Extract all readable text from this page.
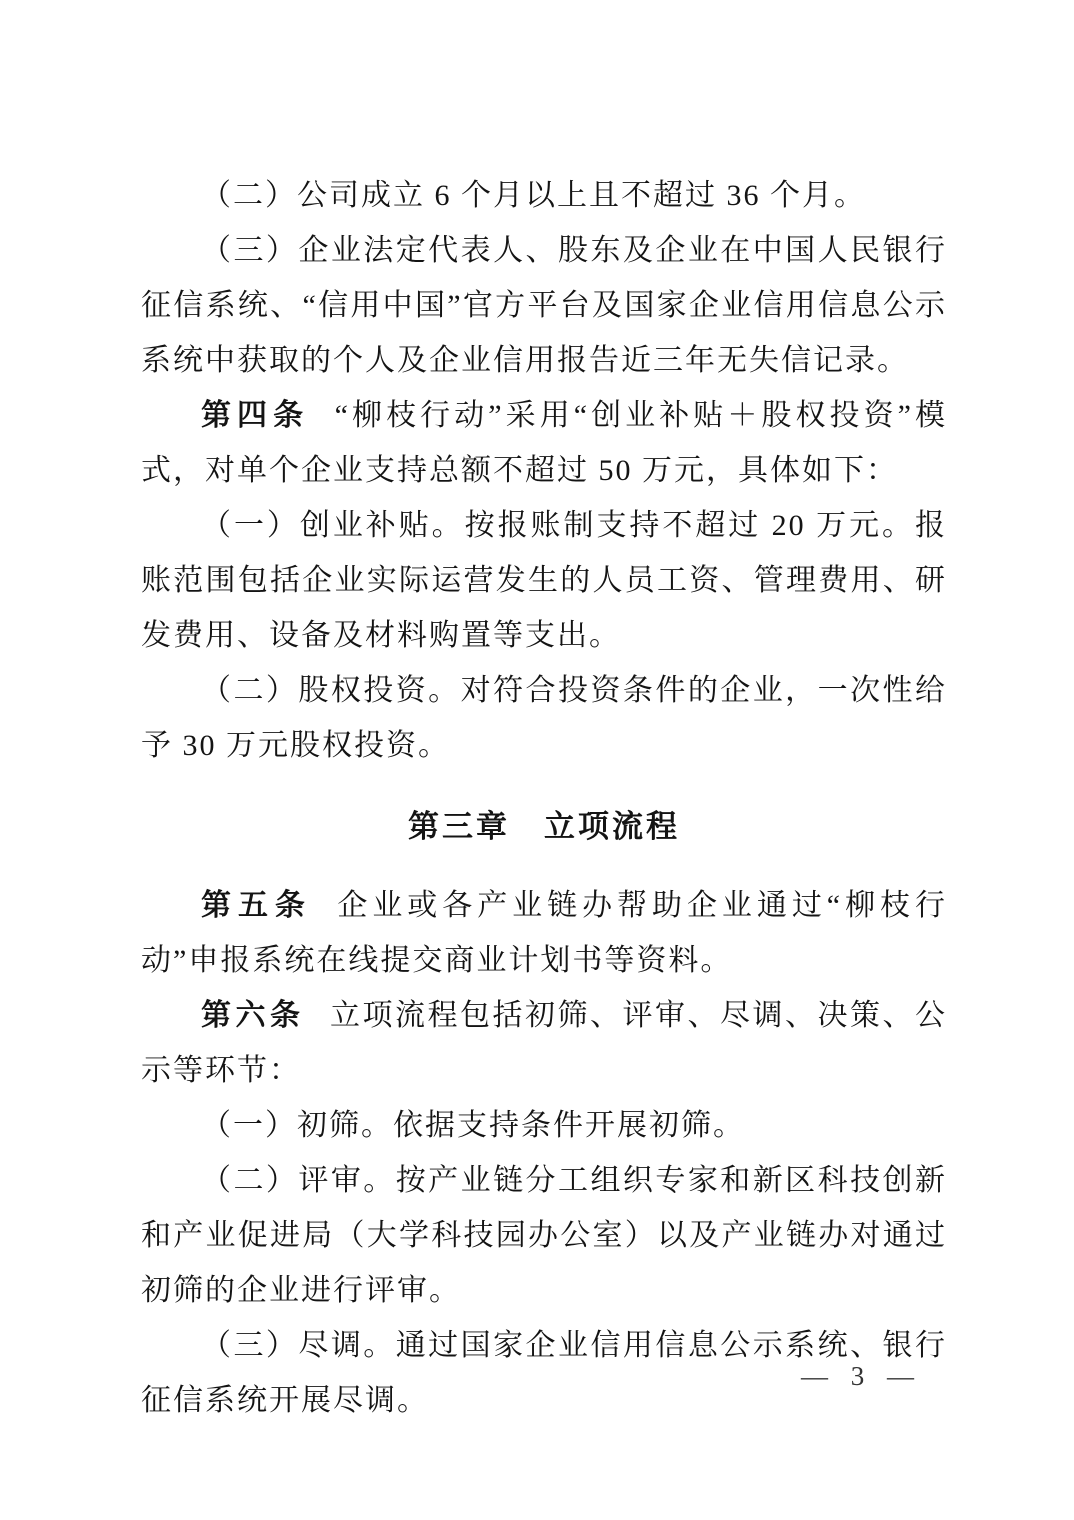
（二）公司成立 6 个月以上且不超过 36 个月。

（三）企业法定代表人、股东及企业在中国人民银行征信系统、“信用中国”官方平台及国家企业信用信息公示系统中获取的个人及企业信用报告近三年无失信记录。

第四条 “柳枝行动”采用“创业补贴＋股权投资”模式，对单个企业支持总额不超过 50 万元，具体如下：

（一）创业补贴。按报账制支持不超过 20 万元。报账范围包括企业实际运营发生的人员工资、管理费用、研发费用、设备及材料购置等支出。

（二）股权投资。对符合投资条件的企业，一次性给予 30 万元股权投资。

第三章　立项流程

第五条 企业或各产业链办帮助企业通过“柳枝行动”申报系统在线提交商业计划书等资料。

第六条 立项流程包括初筛、评审、尽调、决策、公示等环节：

（一）初筛。依据支持条件开展初筛。

（二）评审。按产业链分工组织专家和新区科技创新和产业促进局（大学科技园办公室）以及产业链办对通过初筛的企业进行评审。

（三）尽调。通过国家企业信用信息公示系统、银行征信系统开展尽调。

— 3 —
